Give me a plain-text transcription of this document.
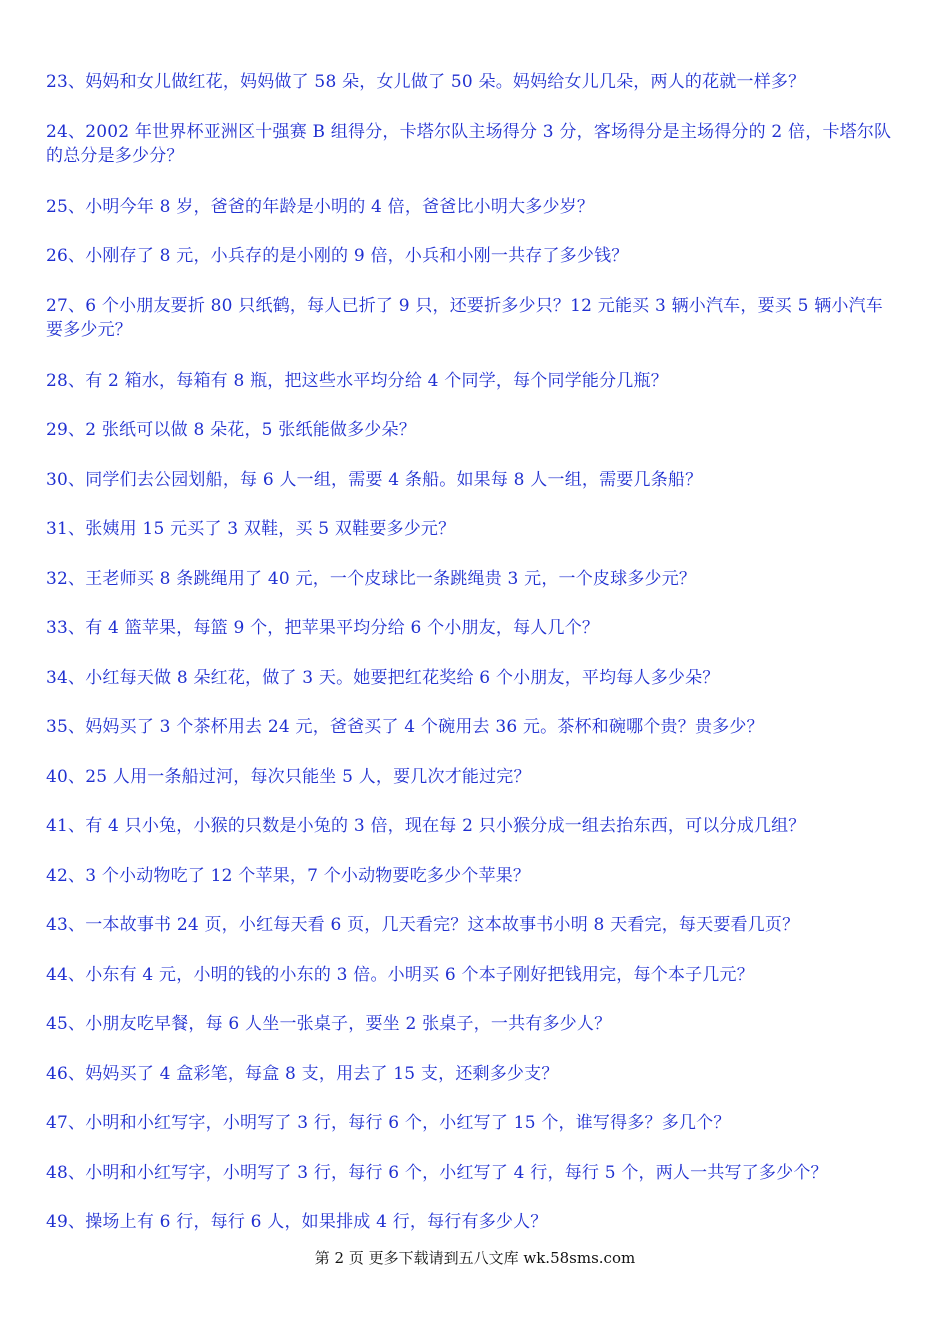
23、妈妈和女儿做红花，妈妈做了 58 朵，女儿做了 50 朵。妈妈给女儿几朵，两人的花就一样多？
24、2002 年世界杯亚洲区十强赛 B 组得分，卡塔尔队主场得分 3 分，客场得分是主场得分的 2 倍，卡塔尔队的总分是多少分？
25、小明今年 8 岁，爸爸的年龄是小明的 4 倍，爸爸比小明大多少岁？
26、小刚存了 8 元，小兵存的是小刚的 9 倍，小兵和小刚一共存了多少钱？
27、6 个小朋友要折 80 只纸鹤，每人已折了 9 只，还要折多少只？12 元能买 3 辆小汽车，要买 5 辆小汽车要多少元？
28、有 2 箱水，每箱有 8 瓶，把这些水平均分给 4 个同学，每个同学能分几瓶？
29、2 张纸可以做 8 朵花，5 张纸能做多少朵？
30、同学们去公园划船，每 6 人一组，需要 4 条船。如果每 8 人一组，需要几条船？
31、张姨用 15 元买了 3 双鞋，买 5 双鞋要多少元？
32、王老师买 8 条跳绳用了 40 元，一个皮球比一条跳绳贵 3 元，一个皮球多少元？
33、有 4 篮苹果，每篮 9 个，把苹果平均分给 6 个小朋友，每人几个？
34、小红每天做 8 朵红花，做了 3 天。她要把红花奖给 6 个小朋友，平均每人多少朵？
35、妈妈买了 3 个茶杯用去 24 元，爸爸买了 4 个碗用去 36 元。茶杯和碗哪个贵？贵多少？
40、25 人用一条船过河，每次只能坐 5 人，要几次才能过完？
41、有 4 只小兔，小猴的只数是小兔的 3 倍，现在每 2 只小猴分成一组去抬东西，可以分成几组？
42、3 个小动物吃了 12 个苹果，7 个小动物要吃多少个苹果？
43、一本故事书 24 页，小红每天看 6 页，几天看完？这本故事书小明 8 天看完，每天要看几页？
44、小东有 4 元，小明的钱的小东的 3 倍。小明买 6 个本子刚好把钱用完，每个本子几元？
45、小朋友吃早餐，每 6 人坐一张桌子，要坐 2 张桌子，一共有多少人？
46、妈妈买了 4 盒彩笔，每盒 8 支，用去了 15 支，还剩多少支？
47、小明和小红写字，小明写了 3 行，每行 6 个，小红写了 15 个，谁写得多？多几个？
48、小明和小红写字，小明写了 3 行，每行 6 个，小红写了 4 行，每行 5 个，两人一共写了多少个？
49、操场上有 6 行，每行 6 人，如果排成 4 行，每行有多少人？
第 2 页 更多下载请到五八文库 wk.58sms.com
